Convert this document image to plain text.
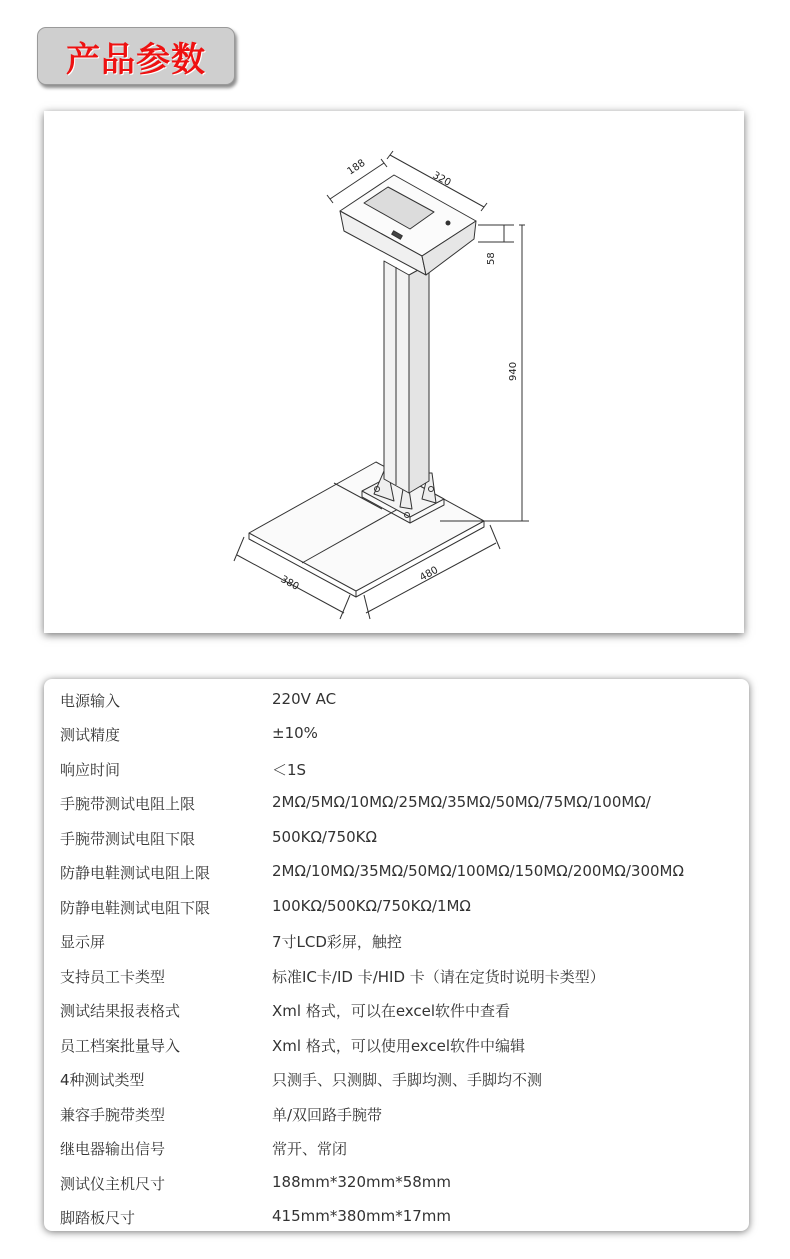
产品参数
188
320
58
940
380	480
电源输入	220V AC
测试精度	±10%
响应时间	＜1S
手腕带测试电阻上限	2MΩ/5MΩ/10MΩ/25MΩ/35MΩ/50MΩ/75MΩ/100MΩ/
手腕带测试电阻下限	500KΩ/750KΩ
防静电鞋测试电阻上限	2MΩ/10MΩ/35MΩ/50MΩ/100MΩ/150MΩ/200MΩ/300MΩ
防静电鞋测试电阻下限	100KΩ/500KΩ/750KΩ/1MΩ
显示屏	7寸LCD彩屏，触控
支持员工卡类型	标准IC卡/ID 卡/HID 卡（请在定货时说明卡类型）
测试结果报表格式	Xml 格式，可以在excel软件中查看
员工档案批量导入	Xml 格式，可以使用excel软件中编辑
4种测试类型	只测手、只测脚、手脚均测、手脚均不测
兼容手腕带类型	单/双回路手腕带
继电器输出信号	常开、常闭
测试仪主机尺寸	188mm*320mm*58mm
脚踏板尺寸	415mm*380mm*17mm
